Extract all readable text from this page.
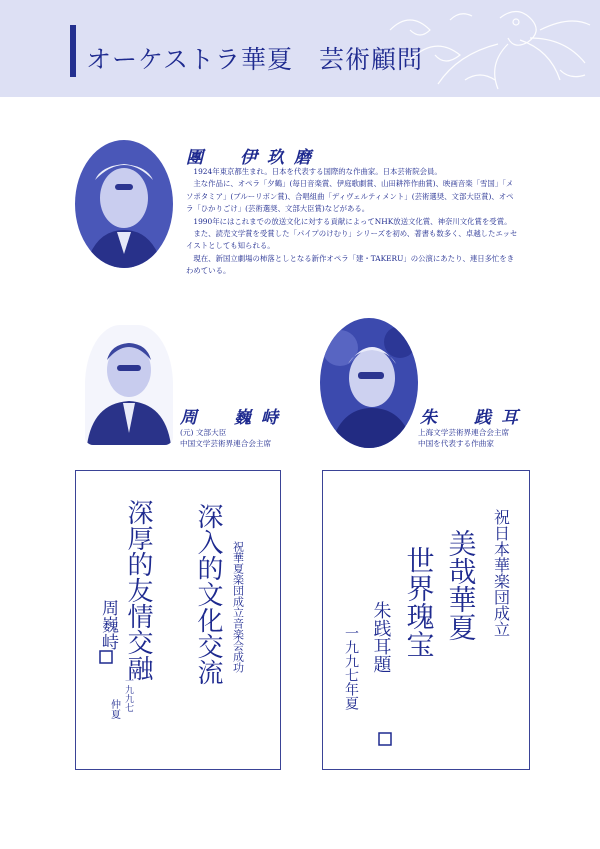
オーケストラ華夏　芸術顧問
團　伊玖磨

1924年東京都生まれ。日本を代表する国際的な作曲家。日本芸術院会員。

主な作品に、オペラ「夕鶴」(毎日音楽賞、伊庭歌劇賞、山田耕筰作曲賞)、映画音楽「雪国」「メソポタミア」(ブルーリボン賞)、合唱組曲「ディヴェルティメント」(芸術選奨、文部大臣賞)、オペラ「ひかりごけ」(芸術選奨、文部大臣賞)などがある。

1990年にはこれまでの放送文化に対する貢献によってNHK放送文化賞、神奈川文化賞を受賞。

また、読売文学賞を受賞した「パイプのけむり」シリーズを初め、著書も数多く、卓越したエッセイストとしても知られる。

現在、新国立劇場の柿落としとなる新作オペラ「建・TAKERU」の公演にあたり、連日多忙をきわめている。

周　巍峙
(元) 文部大臣
中国文学芸術界連合会主席
朱　践耳
上海文学芸術界連合会主席
中国を代表する作曲家
祝華夏楽団成立音楽会成功
深入的文化交流
深厚的友情交融
周巍峙
一九九七
仲夏
祝日本華楽団成立
美哉華夏
世界瑰宝
朱践耳題
一九九七年夏
